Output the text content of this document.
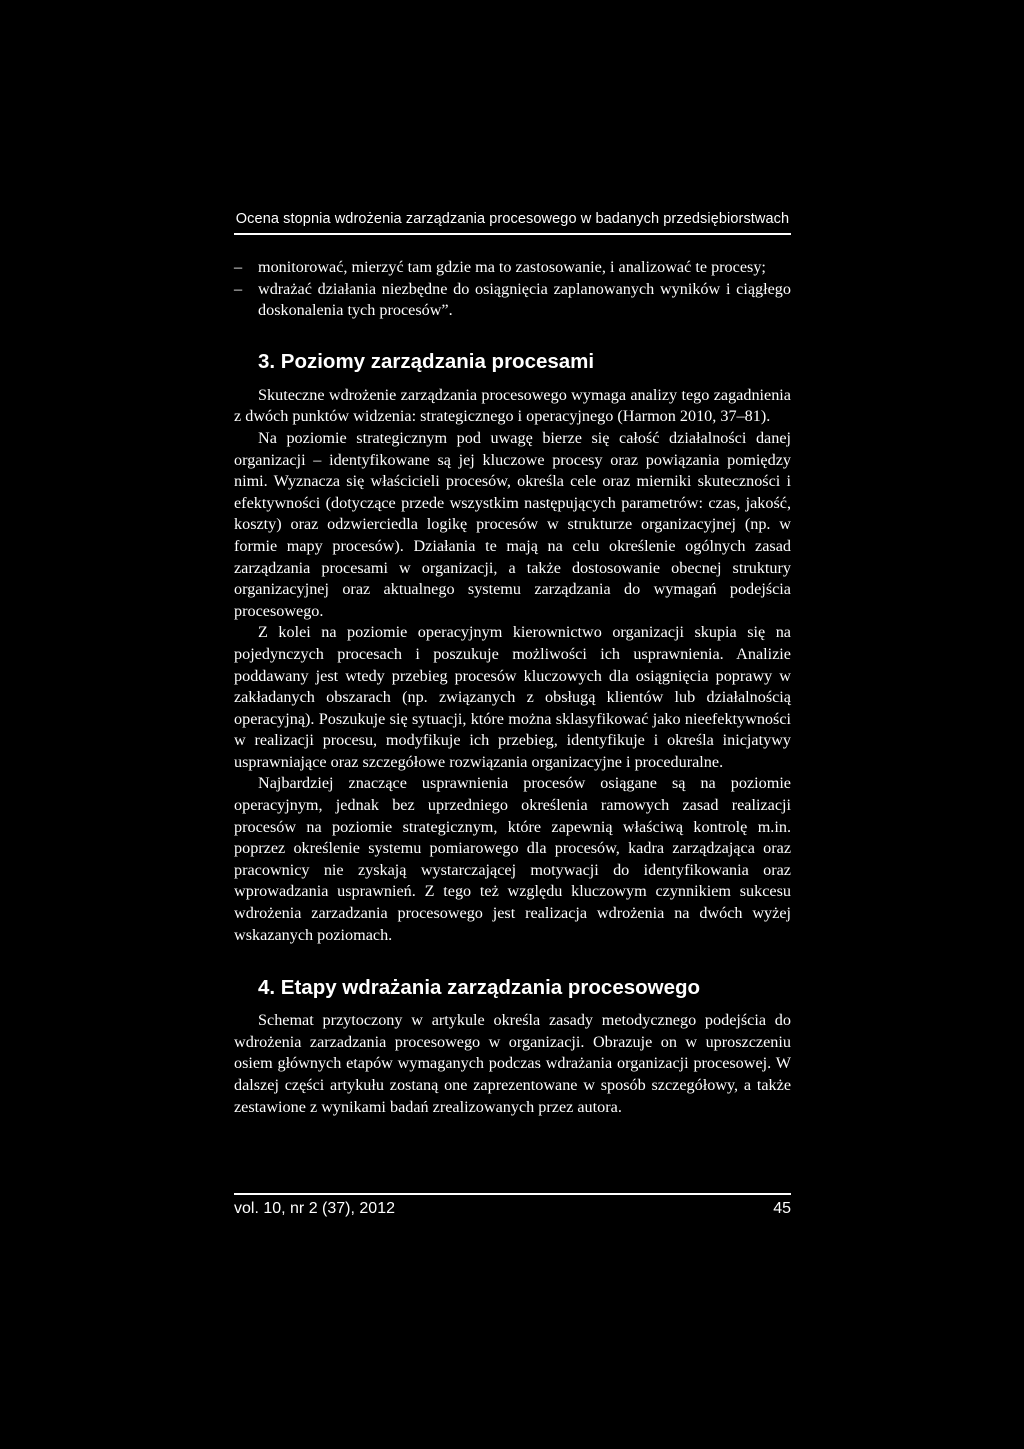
Ocena stopnia wdrożenia zarządzania procesowego w badanych przedsiębiorstwach
– monitorować, mierzyć tam gdzie ma to zastosowanie, i analizować te procesy;
– wdrażać działania niezbędne do osiągnięcia zaplanowanych wyników i ciągłego doskonalenia tych procesów”.
3. Poziomy zarządzania procesami

Skuteczne wdrożenie zarządzania procesowego wymaga analizy tego zagadnienia z dwóch punktów widzenia: strategicznego i operacyjnego (Harmon 2010, 37–81).

Na poziomie strategicznym pod uwagę bierze się całość działalności danej organizacji – identyfikowane są jej kluczowe procesy oraz powiązania pomiędzy nimi. Wyznacza się właścicieli procesów, określa cele oraz mierniki skuteczności i efektywności (dotyczące przede wszystkim następujących parametrów: czas, jakość, koszty) oraz odzwierciedla logikę procesów w strukturze organizacyjnej (np. w formie mapy procesów). Działania te mają na celu określenie ogólnych zasad zarządzania procesami w organizacji, a także dostosowanie obecnej struktury organizacyjnej oraz aktualnego systemu zarządzania do wymagań podejścia procesowego.

Z kolei na poziomie operacyjnym kierownictwo organizacji skupia się na pojedynczych procesach i poszukuje możliwości ich usprawnienia. Analizie poddawany jest wtedy przebieg procesów kluczowych dla osiągnięcia poprawy w zakładanych obszarach (np. związanych z obsługą klientów lub działalnością operacyjną). Poszukuje się sytuacji, które można sklasyfikować jako nieefektywności w realizacji procesu, modyfikuje ich przebieg, identyfikuje i określa inicjatywy usprawniające oraz szczegółowe rozwiązania organizacyjne i proceduralne.

Najbardziej znaczące usprawnienia procesów osiągane są na poziomie operacyjnym, jednak bez uprzedniego określenia ramowych zasad realizacji procesów na poziomie strategicznym, które zapewnią właściwą kontrolę m.in. poprzez określenie systemu pomiarowego dla procesów, kadra zarządzająca oraz pracownicy nie zyskają wystarczającej motywacji do identyfikowania oraz wprowadzania usprawnień. Z tego też względu kluczowym czynnikiem sukcesu wdrożenia zarzadzania procesowego jest realizacja wdrożenia na dwóch wyżej wskazanych poziomach.

4. Etapy wdrażania zarządzania procesowego

Schemat przytoczony w artykule określa zasady metodycznego podejścia do wdrożenia zarzadzania procesowego w organizacji. Obrazuje on w uproszczeniu osiem głównych etapów wymaganych podczas wdrażania organizacji procesowej. W dalszej części artykułu zostaną one zaprezentowane w sposób szczegółowy, a także zestawione z wynikami badań zrealizowanych przez autora.

vol. 10, nr 2 (37), 2012	45
